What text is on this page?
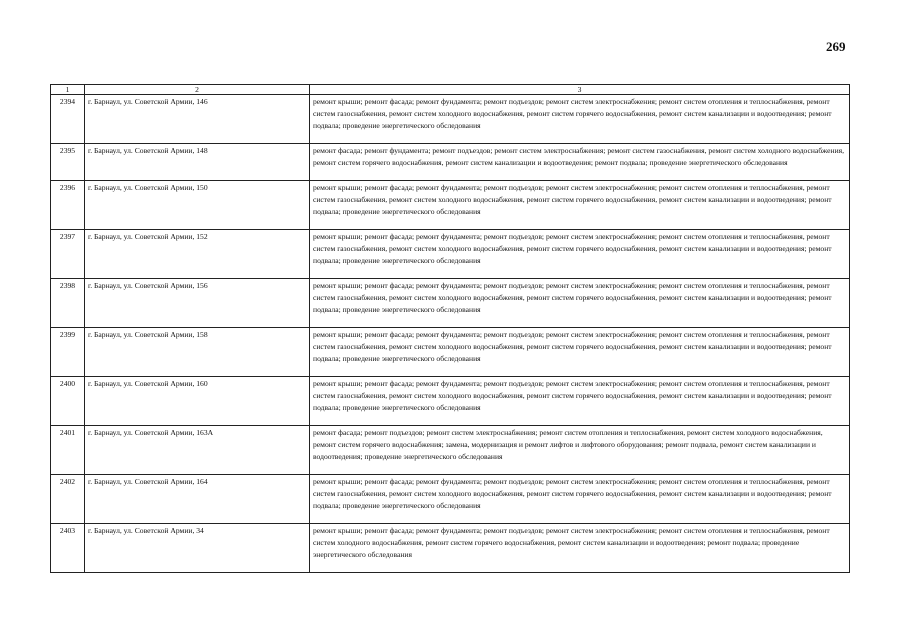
269
1	2	3
2394	г. Барнаул, ул. Советской Армии, 146	ремонт крыши; ремонт фасада; ремонт фундамента; ремонт подъездов; ремонт систем электроснабжения; ремонт систем отопления и теплоснабжения, ремонт систем газоснабжения, ремонт систем холодного водоснабжения, ремонт систем горячего водоснабжения, ремонт систем канализации и водоотведения; ремонт подвала; проведение энергетического обследования
2395	г. Барнаул, ул. Советской Армии, 148	ремонт фасада; ремонт фундамента; ремонт подъездов; ремонт систем электроснабжения; ремонт систем газоснабжения, ремонт систем холодного водоснабжения, ремонт систем горячего водоснабжения, ремонт систем канализации и водоотведения; ремонт подвала; проведение энергетического обследования
2396	г. Барнаул, ул. Советской Армии, 150	ремонт крыши; ремонт фасада; ремонт фундамента; ремонт подъездов; ремонт систем электроснабжения; ремонт систем отопления и теплоснабжения, ремонт систем газоснабжения, ремонт систем холодного водоснабжения, ремонт систем горячего водоснабжения, ремонт систем канализации и водоотведения; ремонт подвала; проведение энергетического обследования
2397	г. Барнаул, ул. Советской Армии, 152	ремонт крыши; ремонт фасада; ремонт фундамента; ремонт подъездов; ремонт систем электроснабжения; ремонт систем отопления и теплоснабжения, ремонт систем газоснабжения, ремонт систем холодного водоснабжения, ремонт систем горячего водоснабжения, ремонт систем канализации и водоотведения; ремонт подвала; проведение энергетического обследования
2398	г. Барнаул, ул. Советской Армии, 156	ремонт крыши; ремонт фасада; ремонт фундамента; ремонт подъездов; ремонт систем электроснабжения; ремонт систем отопления и теплоснабжения, ремонт систем газоснабжения, ремонт систем холодного водоснабжения, ремонт систем горячего водоснабжения, ремонт систем канализации и водоотведения; ремонт подвала; проведение энергетического обследования
2399	г. Барнаул, ул. Советской Армии, 158	ремонт крыши; ремонт фасада; ремонт фундамента; ремонт подъездов; ремонт систем электроснабжения; ремонт систем отопления и теплоснабжения, ремонт систем газоснабжения, ремонт систем холодного водоснабжения, ремонт систем горячего водоснабжения, ремонт систем канализации и водоотведения; ремонт подвала; проведение энергетического обследования
2400	г. Барнаул, ул. Советской Армии, 160	ремонт крыши; ремонт фасада; ремонт фундамента; ремонт подъездов; ремонт систем электроснабжения; ремонт систем отопления и теплоснабжения, ремонт систем газоснабжения, ремонт систем холодного водоснабжения, ремонт систем горячего водоснабжения, ремонт систем канализации и водоотведения; ремонт подвала; проведение энергетического обследования
2401	г. Барнаул, ул. Советской Армии, 163А	ремонт фасада; ремонт подъездов; ремонт систем электроснабжения; ремонт систем отопления и теплоснабжения, ремонт систем холодного водоснабжения, ремонт систем горячего водоснабжения; замена, модернизация и ремонт лифтов и лифтового оборудования; ремонт подвала, ремонт систем канализации и водоотведения; проведение энергетического обследования
2402	г. Барнаул, ул. Советской Армии, 164	ремонт крыши; ремонт фасада; ремонт фундамента; ремонт подъездов; ремонт систем электроснабжения; ремонт систем отопления и теплоснабжения, ремонт систем газоснабжения, ремонт систем холодного водоснабжения, ремонт систем горячего водоснабжения, ремонт систем канализации и водоотведения; ремонт подвала; проведение энергетического обследования
2403	г. Барнаул, ул. Советской Армии, 34	ремонт крыши; ремонт фасада; ремонт фундамента; ремонт подъездов; ремонт систем электроснабжения; ремонт систем отопления и теплоснабжения, ремонт систем холодного водоснабжения, ремонт систем горячего водоснабжения, ремонт систем канализации и водоотведения; ремонт подвала; проведение энергетического обследования
